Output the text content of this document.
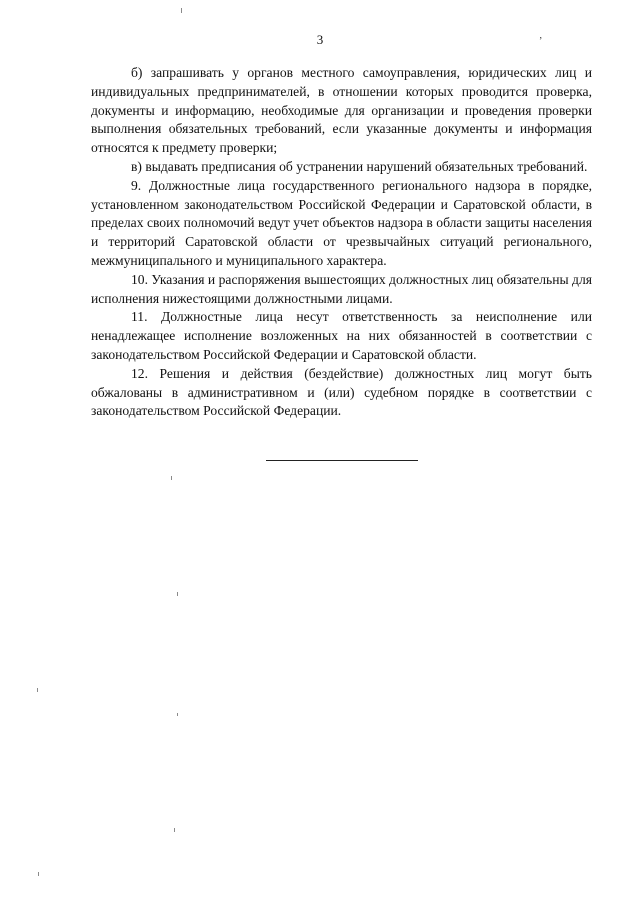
3	’

б) запрашивать у органов местного самоуправления, юридических лиц и индивидуальных предпринимателей, в отношении которых проводится проверка, документы и информацию, необходимые для организации и проведения проверки выполнения обязательных требований, если указанные документы и информация относятся к предмету проверки;

в) выдавать предписания об устранении нарушений обязательных требований.

9. Должностные лица государственного регионального надзора в порядке, установленном законодательством Российской Федерации и Саратовской области, в пределах своих полномочий ведут учет объектов надзора в области защиты населения и территорий Саратовской области от чрезвычайных ситуаций регионального, межмуниципального и муниципального характера.

10. Указания и распоряжения вышестоящих должностных лиц обязательны для исполнения нижестоящими должностными лицами.

11. Должностные лица несут ответственность за неисполнение или ненадлежащее исполнение возложенных на них обязанностей в соответствии с законодательством Российской Федерации и Саратовской области.

12. Решения и действия (бездействие) должностных лиц могут быть обжалованы в административном и (или) судебном порядке в соответствии с законодательством Российской Федерации.
